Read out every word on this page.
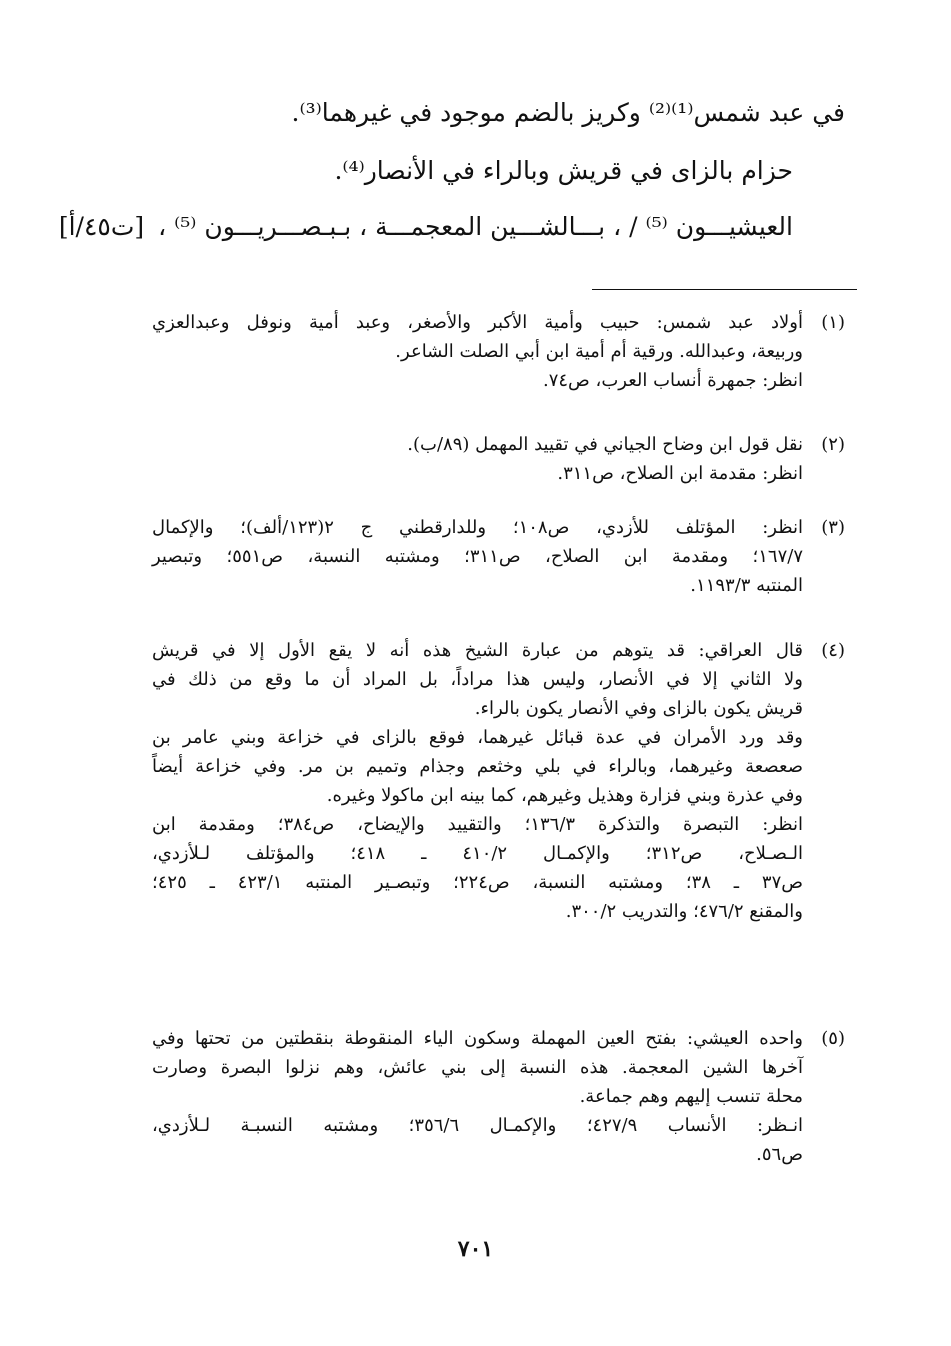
في عبد شمس⁽¹⁾⁽²⁾ وكريز بالضم موجود في غيرهما⁽³⁾.
حزام بالزاى في قريش وبالراء في الأنصار⁽⁴⁾.
العيشيـــون ⁽⁵⁾ / ، بـــالشـــين المعجمـــة ، بـبـصـــريـــون ⁽⁵⁾ ، [ت٤٥/أ]
(١)
أولاد عبد شمس: حبيب وأمية الأكبر والأصغر، وعبد أمية ونوفل وعبدالعزي
وربيعة، وعبدالله. ورقية أم أمية ابن أبي الصلت الشاعر.
انظر: جمهرة أنساب العرب، ص٧٤.
(٢)
نقل قول ابن وضاح الجياني في تقييد المهمل (٨٩/ب).
انظر: مقدمة ابن الصلاح، ص٣١١.
(٣)
انظر: المؤتلف للأزدي، ص١٠٨؛ وللدارقطني ج ٢(١٢٣/ألف)؛ والإكمال
١٦٧/٧؛ ومقدمة ابن الصلاح، ص٣١١؛ ومشتبه النسبة، ص٥٥١؛ وتبصير
المنتبه ١١٩٣/٣.
(٤)
قال العراقي: قد يتوهم من عبارة الشيخ هذه أنه لا يقع الأول إلا في قريش
ولا الثاني إلا في الأنصار، وليس هذا مراداً، بل المراد أن ما وقع من ذلك في
قريش يكون بالزاى وفي الأنصار يكون بالراء.
وقد ورد الأمران في عدة قبائل غيرهما، فوقع بالزاى في خزاعة وبني عامر بن
صعصعة وغيرهما، وبالراء في بلي وخثعم وجذام وتميم بن مر. وفي خزاعة أيضاً
وفي عذرة وبني فزارة وهذيل وغيرهم، كما بينه ابن ماكولا وغيره.
انظر: التبصرة والتذكرة ١٣٦/٣؛ والتقييد والإيضاح، ص٣٨٤؛ ومقدمة ابن
الـصـلاح، ص٣١٢؛ والإكمـال ٤١٠/٢ ـ ٤١٨؛ والمؤتلف لـلأزدي،
ص٣٧ ـ ٣٨؛ ومشتبه النسبة، ص٢٢٤؛ وتبصـير المنتبه ٤٢٣/١ ـ ٤٢٥؛
والمقنع ٤٧٦/٢؛ والتدريب ٣٠٠/٢.
(٥)
واحده العيشي: بفتح العين المهملة وسكون الياء المنقوطة بنقطتين من تحتها وفي
آخرها الشين المعجمة. هذه النسبة إلى بني عائش، وهم نزلوا البصرة وصارت
محلة تنسب إليهم وهم جماعة.
انـظر: الأنساب ٤٢٧/٩؛ والإكمـال ٣٥٦/٦؛ ومشتبه النسبـة لـلأزدي،
ص٥٦.
٧٠١
